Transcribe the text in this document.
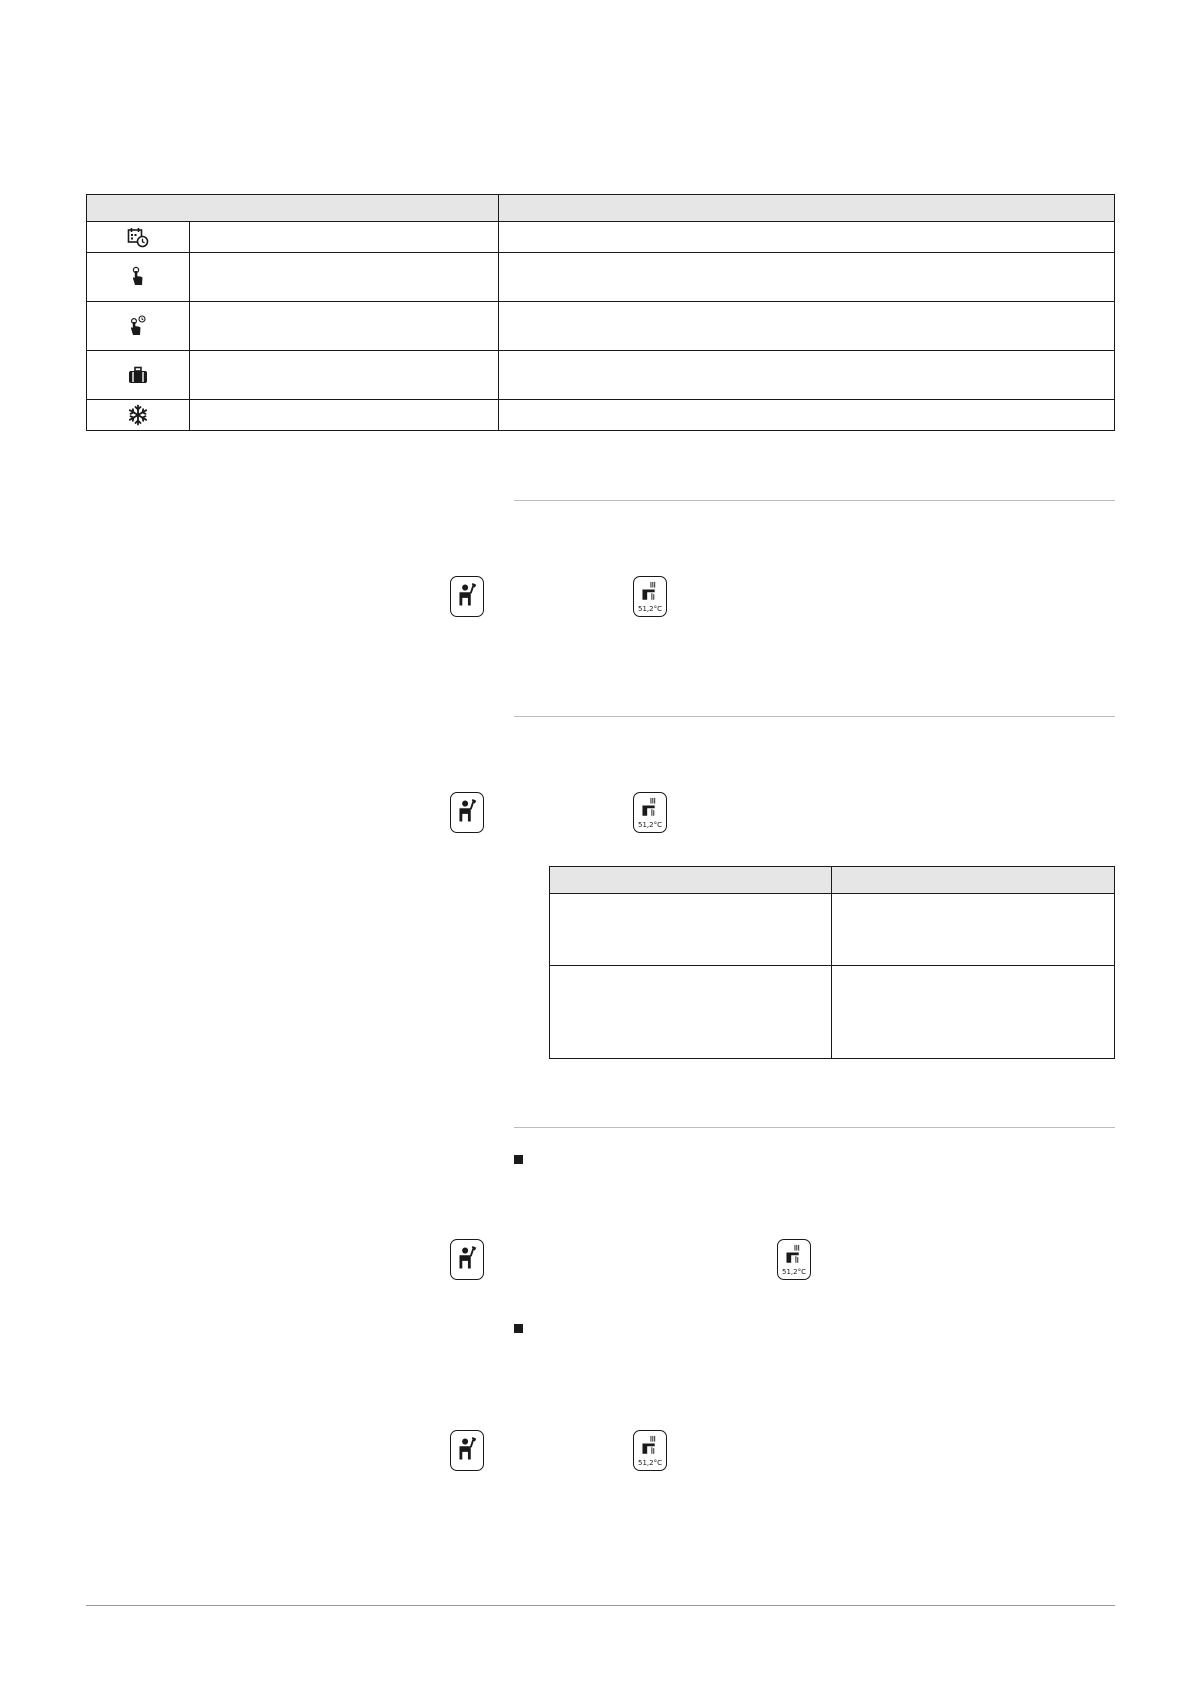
51,2°C
51,2°C

51,2°C
51,2°C
